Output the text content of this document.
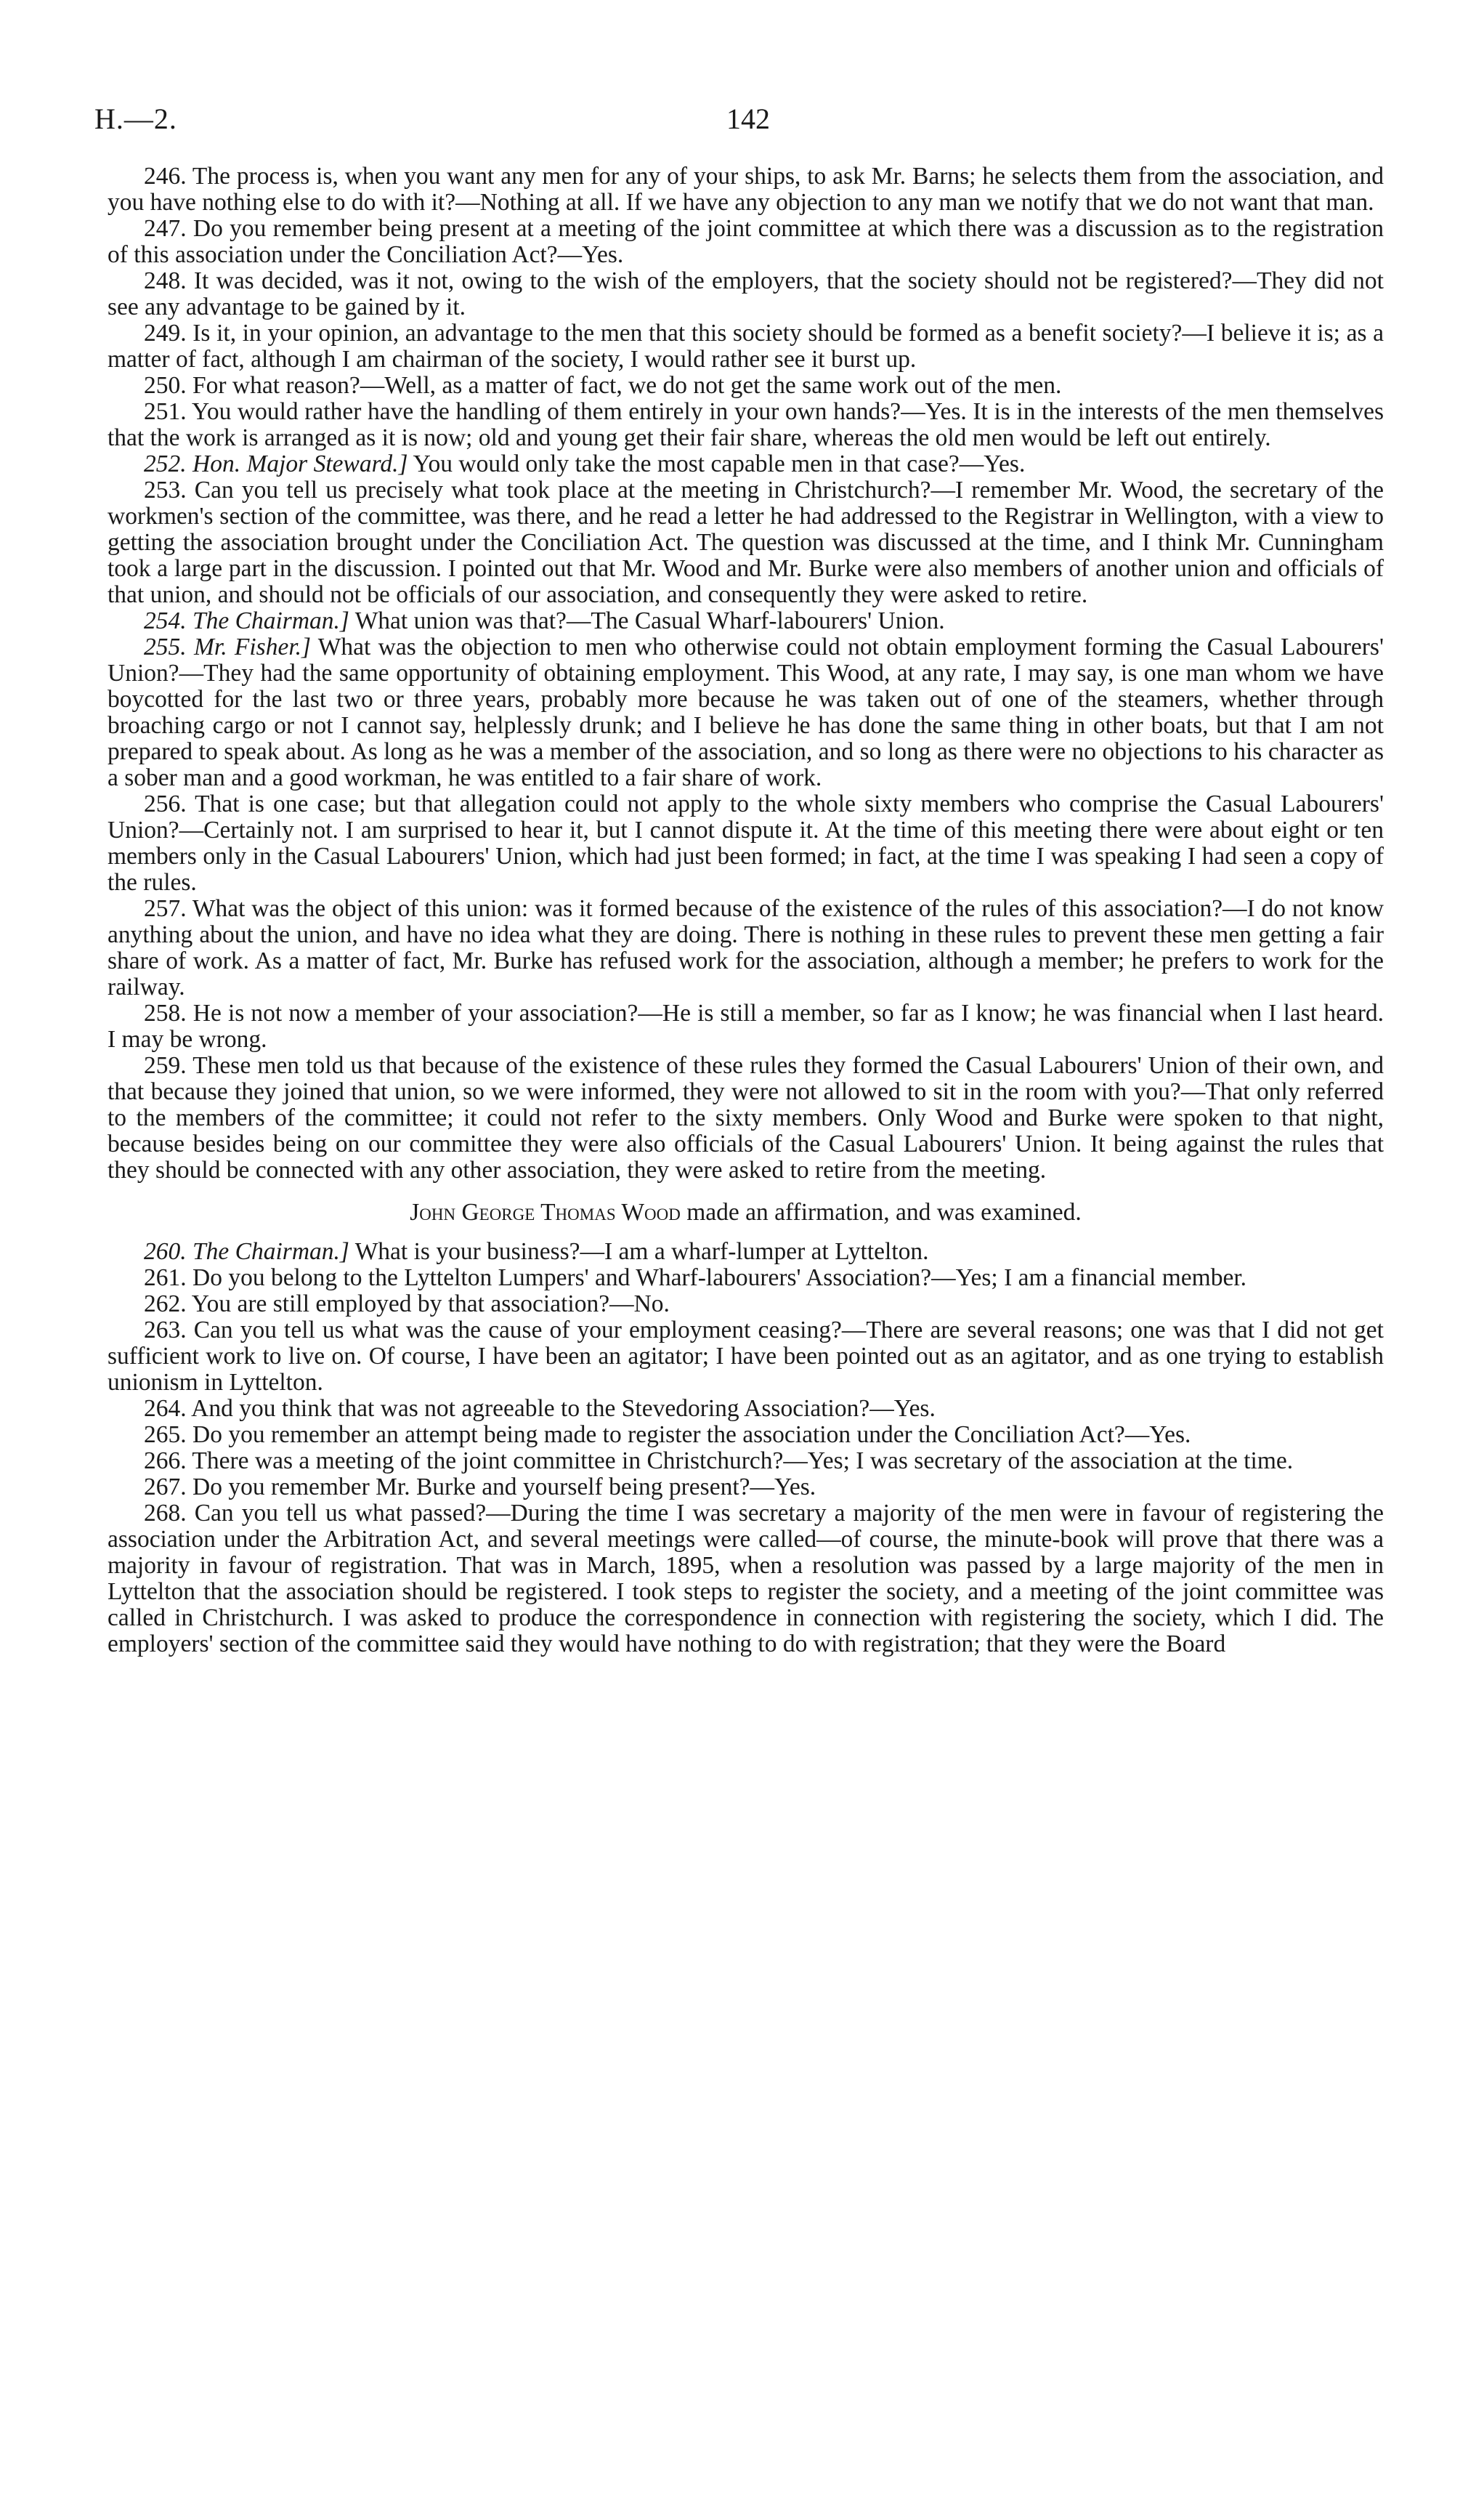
H.—2.	142

246. The process is, when you want any men for any of your ships, to ask Mr. Barns; he selects them from the association, and you have nothing else to do with it?—Nothing at all. If we have any objection to any man we notify that we do not want that man.

247. Do you remember being present at a meeting of the joint committee at which there was a discussion as to the registration of this association under the Conciliation Act?—Yes.

248. It was decided, was it not, owing to the wish of the employers, that the society should not be registered?—They did not see any advantage to be gained by it.

249. Is it, in your opinion, an advantage to the men that this society should be formed as a benefit society?—I believe it is; as a matter of fact, although I am chairman of the society, I would rather see it burst up.

250. For what reason?—Well, as a matter of fact, we do not get the same work out of the men.

251. You would rather have the handling of them entirely in your own hands?—Yes. It is in the interests of the men themselves that the work is arranged as it is now; old and young get their fair share, whereas the old men would be left out entirely.

252. Hon. Major Steward.] You would only take the most capable men in that case?—Yes.

253. Can you tell us precisely what took place at the meeting in Christchurch?—I remember Mr. Wood, the secretary of the workmen's section of the committee, was there, and he read a letter he had addressed to the Registrar in Wellington, with a view to getting the association brought under the Conciliation Act. The question was discussed at the time, and I think Mr. Cunningham took a large part in the discussion. I pointed out that Mr. Wood and Mr. Burke were also members of another union and officials of that union, and should not be officials of our association, and consequently they were asked to retire.

254. The Chairman.] What union was that?—The Casual Wharf-labourers' Union.

255. Mr. Fisher.] What was the objection to men who otherwise could not obtain employment forming the Casual Labourers' Union?—They had the same opportunity of obtaining employment. This Wood, at any rate, I may say, is one man whom we have boycotted for the last two or three years, probably more because he was taken out of one of the steamers, whether through broaching cargo or not I cannot say, helplessly drunk; and I believe he has done the same thing in other boats, but that I am not prepared to speak about. As long as he was a member of the association, and so long as there were no objections to his character as a sober man and a good workman, he was entitled to a fair share of work.

256. That is one case; but that allegation could not apply to the whole sixty members who comprise the Casual Labourers' Union?—Certainly not. I am surprised to hear it, but I cannot dispute it. At the time of this meeting there were about eight or ten members only in the Casual Labourers' Union, which had just been formed; in fact, at the time I was speaking I had seen a copy of the rules.

257. What was the object of this union: was it formed because of the existence of the rules of this association?—I do not know anything about the union, and have no idea what they are doing. There is nothing in these rules to prevent these men getting a fair share of work. As a matter of fact, Mr. Burke has refused work for the association, although a member; he prefers to work for the railway.

258. He is not now a member of your association?—He is still a member, so far as I know; he was financial when I last heard. I may be wrong.

259. These men told us that because of the existence of these rules they formed the Casual Labourers' Union of their own, and that because they joined that union, so we were informed, they were not allowed to sit in the room with you?—That only referred to the members of the committee; it could not refer to the sixty members. Only Wood and Burke were spoken to that night, because besides being on our committee they were also officials of the Casual Labourers' Union. It being against the rules that they should be connected with any other association, they were asked to retire from the meeting.

John George Thomas Wood made an affirmation, and was examined.

260. The Chairman.] What is your business?—I am a wharf-lumper at Lyttelton.

261. Do you belong to the Lyttelton Lumpers' and Wharf-labourers' Association?—Yes; I am a financial member.

262. You are still employed by that association?—No.

263. Can you tell us what was the cause of your employment ceasing?—There are several reasons; one was that I did not get sufficient work to live on. Of course, I have been an agitator; I have been pointed out as an agitator, and as one trying to establish unionism in Lyttelton.

264. And you think that was not agreeable to the Stevedoring Association?—Yes.

265. Do you remember an attempt being made to register the association under the Conciliation Act?—Yes.

266. There was a meeting of the joint committee in Christchurch?—Yes; I was secretary of the association at the time.

267. Do you remember Mr. Burke and yourself being present?—Yes.

268. Can you tell us what passed?—During the time I was secretary a majority of the men were in favour of registering the association under the Arbitration Act, and several meetings were called—of course, the minute-book will prove that there was a majority in favour of registration. That was in March, 1895, when a resolution was passed by a large majority of the men in Lyttelton that the association should be registered. I took steps to register the society, and a meeting of the joint committee was called in Christchurch. I was asked to produce the correspondence in connection with registering the society, which I did. The employers' section of the committee said they would have nothing to do with registration; that they were the Board
